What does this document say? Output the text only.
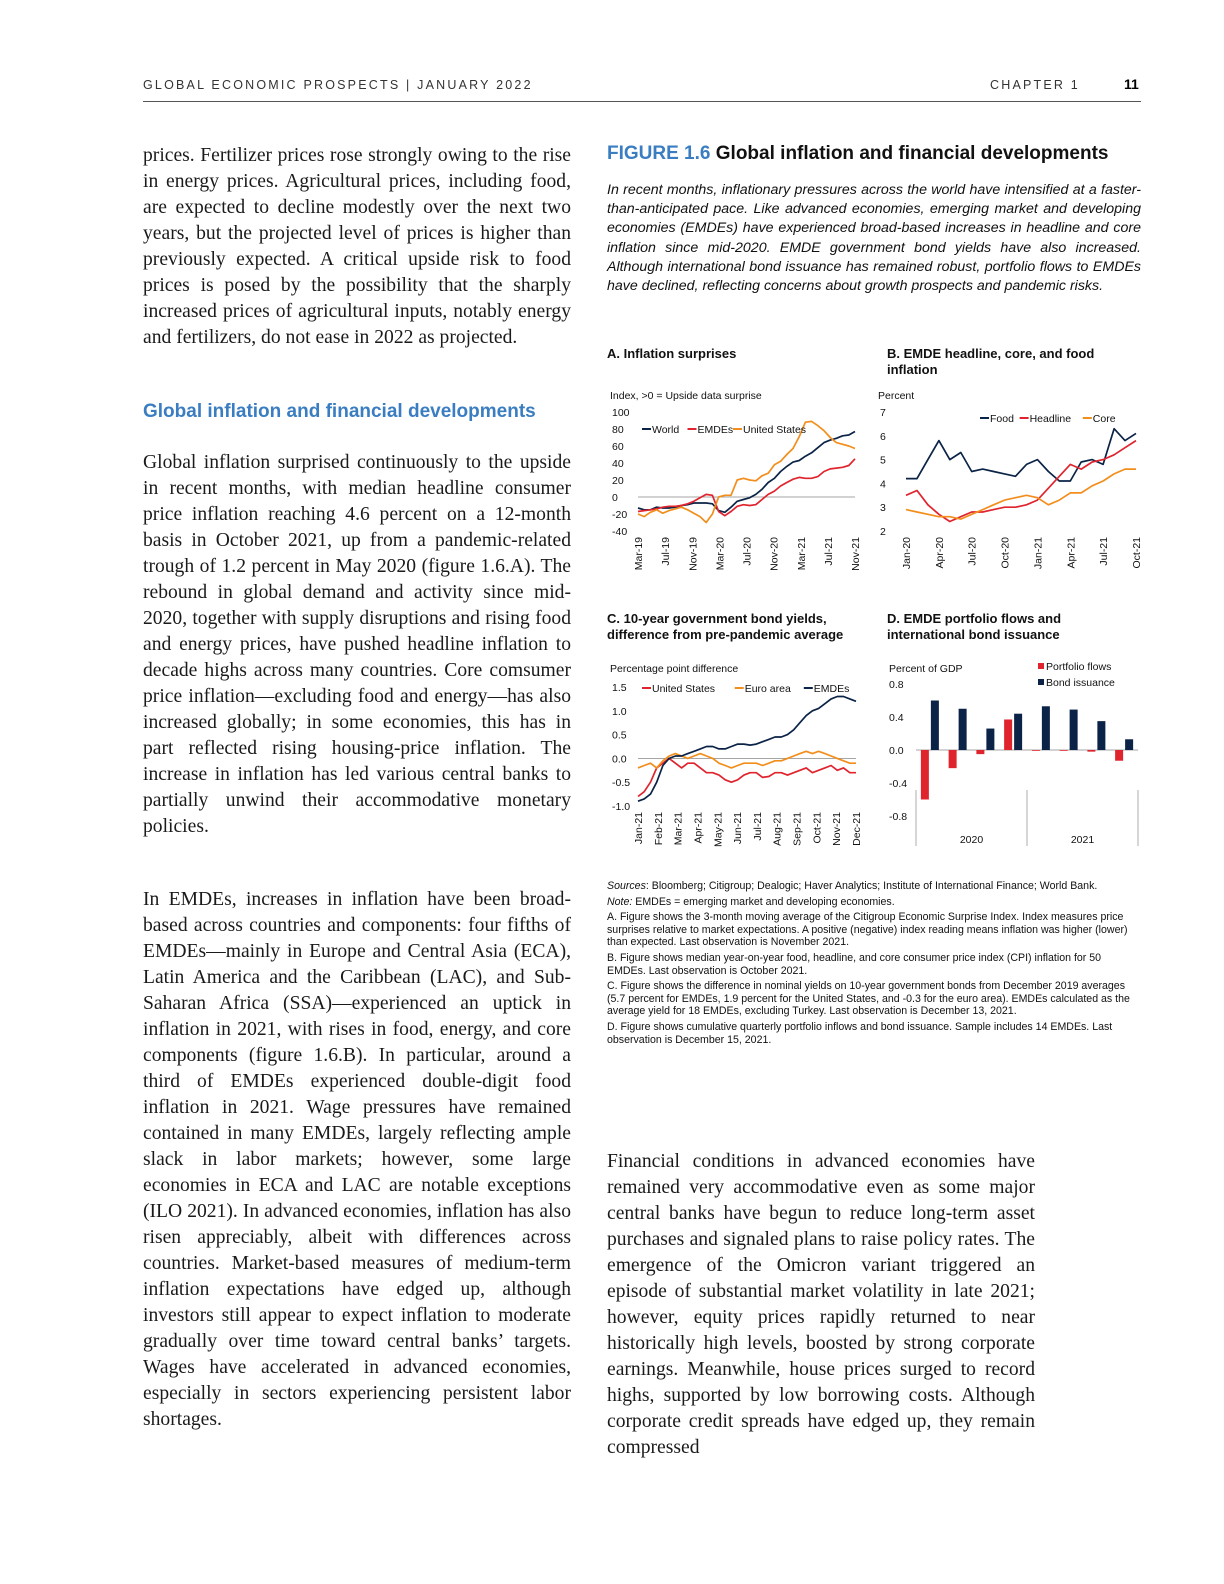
GLOBAL ECONOMIC PROSPECTS | JANUARY 2022	CHAPTER 1	11

prices. Fertilizer prices rose strongly owing to the rise in energy prices. Agricultural prices, including food, are expected to decline modestly over the next two years, but the projected level of prices is higher than previously expected. A critical upside risk to food prices is posed by the possibility that the sharply increased prices of agricultural inputs, notably energy and fertilizers, do not ease in 2022 as projected.

Global inflation and financial developments

Global inflation surprised continuously to the upside in recent months, with median headline consumer price inflation reaching 4.6 percent on a 12-month basis in October 2021, up from a pandemic-related trough of 1.2 percent in May 2020 (figure 1.6.A). The rebound in global demand and activity since mid-2020, together with supply disruptions and rising food and energy prices, have pushed headline inflation to decade highs across many countries. Core comsumer price inflation—excluding food and energy—has also increased globally; in some economies, this has in part reflected rising housing-price inflation. The increase in inflation has led various central banks to partially unwind their accommodative monetary policies.

In EMDEs, increases in inflation have been broad-based across countries and components: four fifths of EMDEs—mainly in Europe and Central Asia (ECA), Latin America and the Caribbean (LAC), and Sub-Saharan Africa (SSA)—experienced an uptick in inflation in 2021, with rises in food, energy, and core components (figure 1.6.B). In particular, around a third of EMDEs experienced double-digit food inflation in 2021. Wage pressures have remained contained in many EMDEs, largely reflecting ample slack in labor markets; however, some large economies in ECA and LAC are notable exceptions (ILO 2021). In advanced economies, inflation has also risen appreciably, albeit with differences across countries. Market-based measures of medium-term inflation expectations have edged up, although investors still appear to expect inflation to moderate gradually over time toward central banks’ targets. Wages have accelerated in advanced economies, especially in sectors experiencing persistent labor shortages.

FIGURE 1.6 Global inflation and financial developments

In recent months, inflationary pressures across the world have intensified at a faster-than-anticipated pace. Like advanced economies, emerging market and developing economies (EMDEs) have experienced broad-based increases in headline and core inflation since mid-2020. EMDE government bond yields have also increased. Although international bond issuance has remained robust, portfolio flows to EMDEs have declined, reflecting concerns about growth prospects and pandemic risks.

A. Inflation surprises	B. EMDE headline, core, and food inflation

C. 10-year government bond yields, difference from pre-pandemic average

D. EMDE portfolio flows and international bond issuance

Index, >0 = Upside data surprise
100
80
60
40
20
0
-20
-40
Mar-19 Jul-19 Nov-19 Mar-20 Jul-20 Nov-20 Mar-21 Jul-21 Nov-21
World EMDEs United States
Percent
7
6
5
4
3
2
Jan-20 Apr-20 Jul-20 Oct-20 Jan-21 Apr-21 Jul-21 Oct-21
Food Headline Core
Percentage point difference
1.5
1.0
0.5
0.0
-0.5
-1.0
Jan-21 Feb-21 Mar-21 Apr-21 May-21 Jun-21 Jul-21 Aug-21 Sep-21 Oct-21 Nov-21 Dec-21
United States	Euro area EMDEs
Percent of GDP
0.8
0.4
0.0
-0.4
-0.8
2020	2021
Portfolio flows
Bond issuance

Sources: Bloomberg; Citigroup; Dealogic; Haver Analytics; Institute of International Finance; World Bank.

Note: EMDEs = emerging market and developing economies.

A. Figure shows the 3-month moving average of the Citigroup Economic Surprise Index. Index measures price surprises relative to market expectations. A positive (negative) index reading means inflation was higher (lower) than expected. Last observation is November 2021.

B. Figure shows median year-on-year food, headline, and core consumer price index (CPI) inflation for 50 EMDEs. Last observation is October 2021.

C. Figure shows the difference in nominal yields on 10-year government bonds from December 2019 averages (5.7 percent for EMDEs, 1.9 percent for the United States, and -0.3 for the euro area). EMDEs calculated as the average yield for 18 EMDEs, excluding Turkey. Last observation is December 13, 2021.

D. Figure shows cumulative quarterly portfolio inflows and bond issuance. Sample includes 14 EMDEs. Last observation is December 15, 2021.

Financial conditions in advanced economies have remained very accommodative even as some major central banks have begun to reduce long-term asset purchases and signaled plans to raise policy rates. The emergence of the Omicron variant triggered an episode of substantial market volatility in late 2021; however, equity prices rapidly returned to near historically high levels, boosted by strong corporate earnings. Meanwhile, house prices surged to record highs, supported by low borrowing costs. Although corporate credit spreads have edged up, they remain compressed
